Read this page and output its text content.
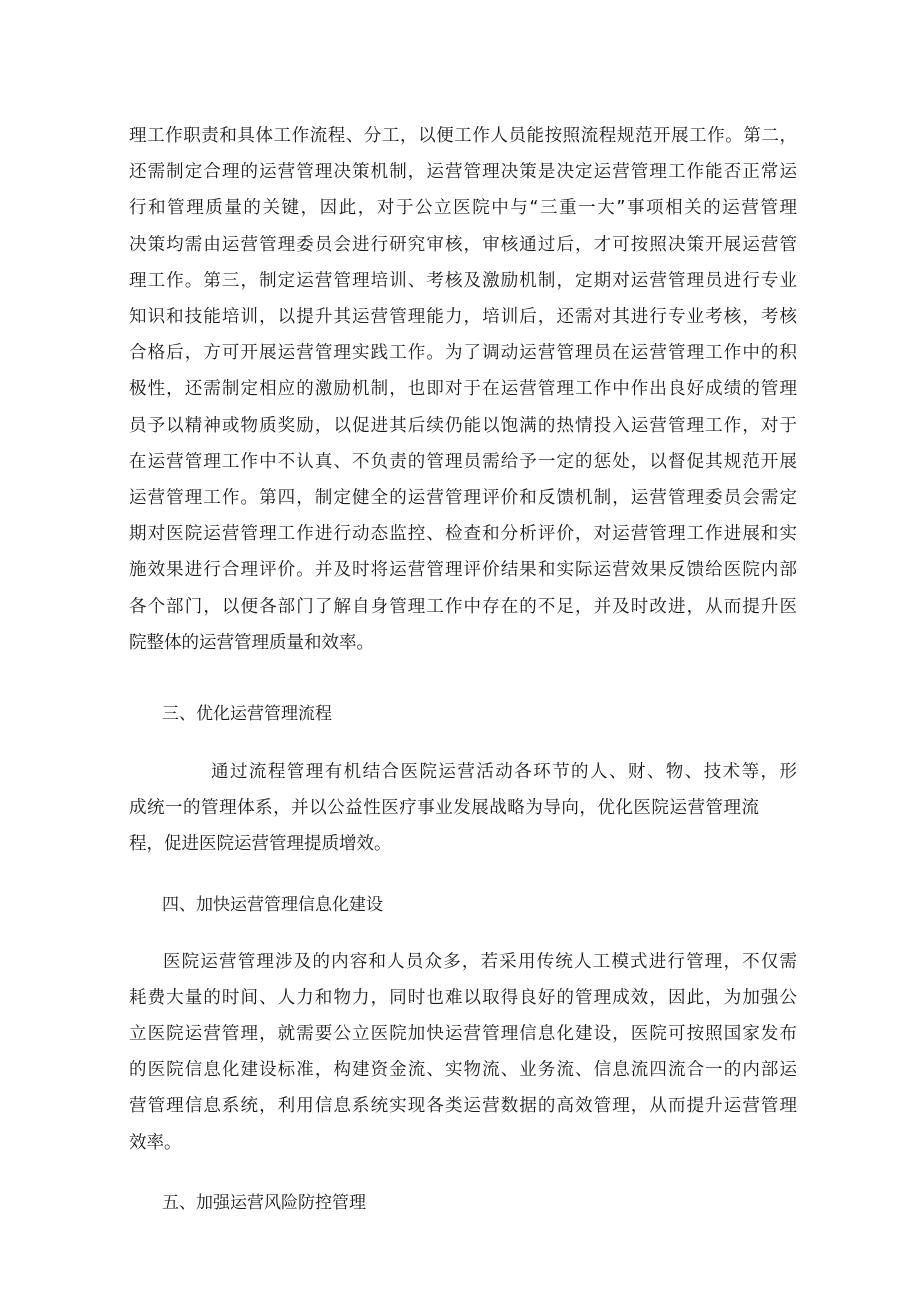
理工作职责和具体工作流程、分工，以便工作人员能按照流程规范开展工作。第二，
还需制定合理的运营管理决策机制，运营管理决策是决定运营管理工作能否正常运
行和管理质量的关键，因此，对于公立医院中与“三重一大”事项相关的运营管理
决策均需由运营管理委员会进行研究审核，审核通过后，才可按照决策开展运营管
理工作。第三，制定运营管理培训、考核及激励机制，定期对运营管理员进行专业
知识和技能培训，以提升其运营管理能力，培训后，还需对其进行专业考核，考核
合格后，方可开展运营管理实践工作。为了调动运营管理员在运营管理工作中的积
极性，还需制定相应的激励机制，也即对于在运营管理工作中作出良好成绩的管理
员予以精神或物质奖励，以促进其后续仍能以饱满的热情投入运营管理工作，对于
在运营管理工作中不认真、不负责的管理员需给予一定的惩处，以督促其规范开展
运营管理工作。第四，制定健全的运营管理评价和反馈机制，运营管理委员会需定
期对医院运营管理工作进行动态监控、检查和分析评价，对运营管理工作进展和实
施效果进行合理评价。并及时将运营管理评价结果和实际运营效果反馈给医院内部
各个部门，以便各部门了解自身管理工作中存在的不足，并及时改进，从而提升医
院整体的运营管理质量和效率。

三、优化运营管理流程

通过流程管理有机结合医院运营活动各环节的人、财、物、技术等，形
成统一的管理体系，并以公益性医疗事业发展战略为导向，优化医院运营管理流
程，促进医院运营管理提质增效。

四、加快运营管理信息化建设

医院运营管理涉及的内容和人员众多，若采用传统人工模式进行管理，不仅需
耗费大量的时间、人力和物力，同时也难以取得良好的管理成效，因此，为加强公
立医院运营管理，就需要公立医院加快运营管理信息化建设，医院可按照国家发布
的医院信息化建设标准，构建资金流、实物流、业务流、信息流四流合一的内部运
营管理信息系统，利用信息系统实现各类运营数据的高效管理，从而提升运营管理
效率。

五、加强运营风险防控管理
